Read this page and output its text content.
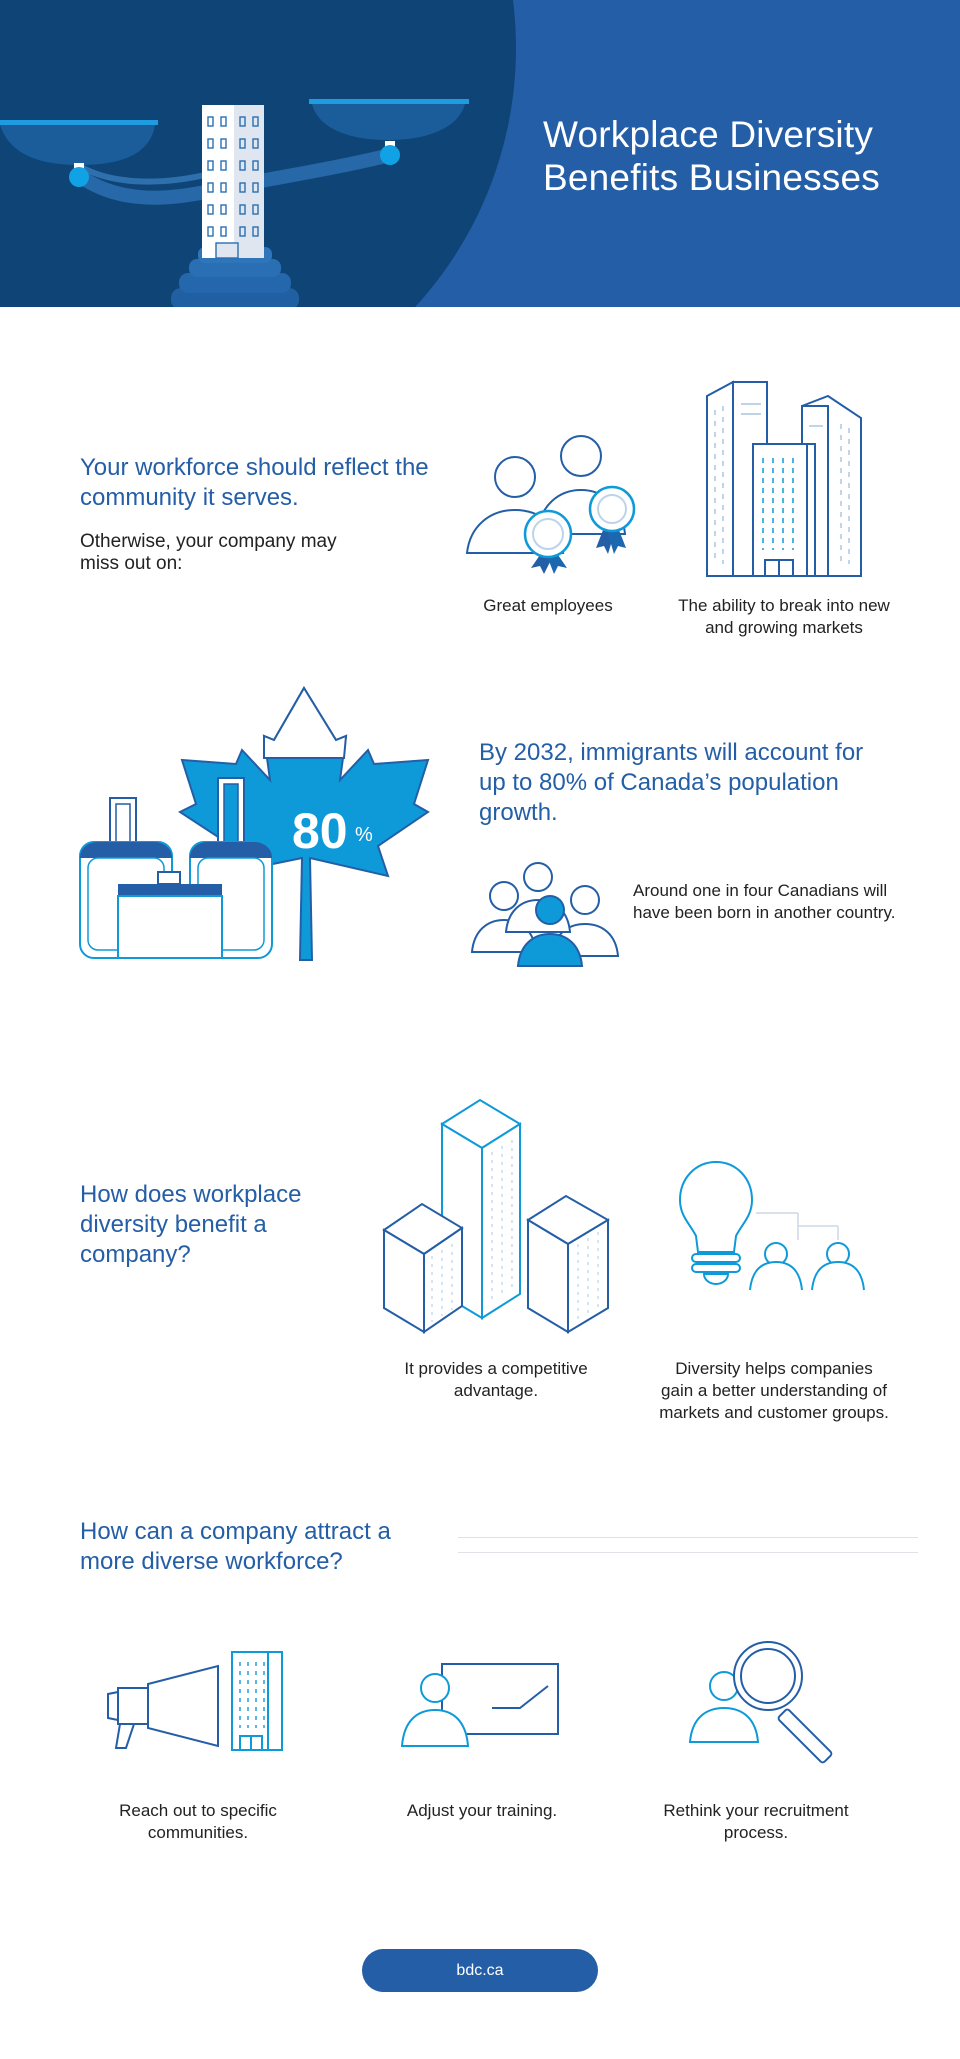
Workplace Diversity
Benefits Businesses
Your workforce should reflect the community it serves.

Otherwise, your company may miss out on:

Great employees	The ability to break into new and growing markets

80 %
By 2032, immigrants will account for up to 80% of Canada’s population growth.

Around one in four Canadians will have been born in another country.

How does workplace diversity benefit a company?

It provides a competitive advantage.

Diversity helps companies gain a better understanding of markets and customer groups.

How can a company attract a more diverse workforce?

Reach out to specific communities.

Adjust your training.	Rethink your recruitment process.

bdc.ca
